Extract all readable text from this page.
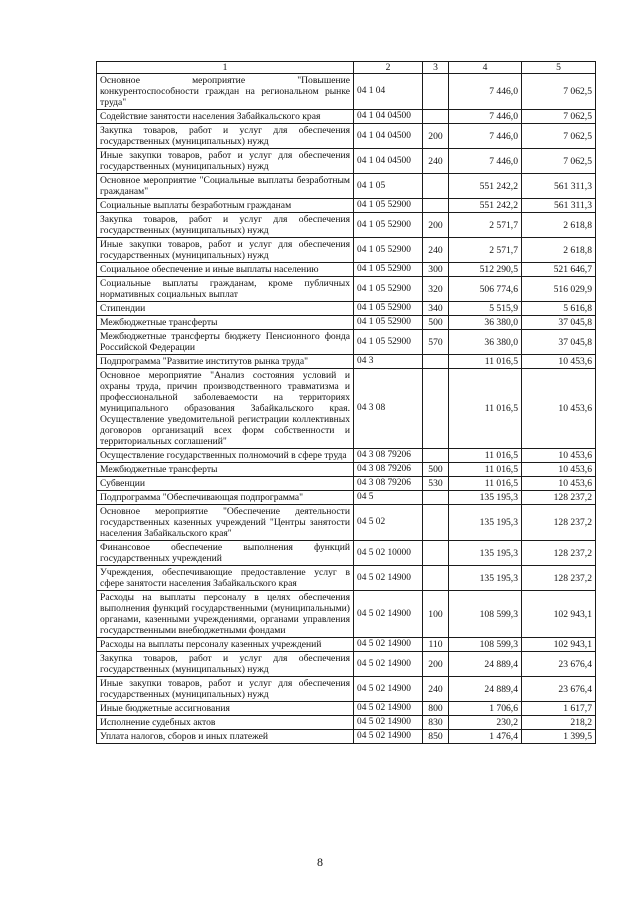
1	2	3	4	5
Основное мероприятие "Повышение конкурентоспособности граждан на региональном рынке труда"	04 1 04		7 446,0	7 062,5
Содействие занятости населения Забайкальского края	04 1 04 04500		7 446,0	7 062,5
Закупка товаров, работ и услуг для обеспечения государственных (муниципальных) нужд	04 1 04 04500	200	7 446,0	7 062,5
Иные закупки товаров, работ и услуг для обеспечения государственных (муниципальных) нужд	04 1 04 04500	240	7 446,0	7 062,5
Основное мероприятие "Социальные выплаты безработным гражданам"	04 1 05		551 242,2	561 311,3
Социальные выплаты безработным гражданам	04 1 05 52900		551 242,2	561 311,3
Закупка товаров, работ и услуг для обеспечения государственных (муниципальных) нужд	04 1 05 52900	200	2 571,7	2 618,8
Иные закупки товаров, работ и услуг для обеспечения государственных (муниципальных) нужд	04 1 05 52900	240	2 571,7	2 618,8
Социальное обеспечение и иные выплаты населению	04 1 05 52900	300	512 290,5	521 646,7
Социальные выплаты гражданам, кроме публичных нормативных социальных выплат	04 1 05 52900	320	506 774,6	516 029,9
Стипендии	04 1 05 52900	340	5 515,9	5 616,8
Межбюджетные трансферты	04 1 05 52900	500	36 380,0	37 045,8
Межбюджетные трансферты бюджету Пенсионного фонда Российской Федерации	04 1 05 52900	570	36 380,0	37 045,8
Подпрограмма "Развитие институтов рынка труда"	04 3		11 016,5	10 453,6
Основное мероприятие "Анализ состояния условий и охраны труда, причин производственного травматизма и профессиональной заболеваемости на территориях муниципального образования Забайкальского края. Осуществление уведомительной регистрации коллективных договоров организаций всех форм собственности и территориальных соглашений"	04 3 08		11 016,5	10 453,6
Осуществление государственных полномочий в сфере труда	04 3 08 79206		11 016,5	10 453,6
Межбюджетные трансферты	04 3 08 79206	500	11 016,5	10 453,6
Субвенции	04 3 08 79206	530	11 016,5	10 453,6
Подпрограмма "Обеспечивающая подпрограмма"	04 5		135 195,3	128 237,2
Основное мероприятие "Обеспечение деятельности государственных казенных учреждений "Центры занятости населения Забайкальского края"	04 5 02		135 195,3	128 237,2
Финансовое обеспечение выполнения функций государственных учреждений	04 5 02 10000		135 195,3	128 237,2
Учреждения, обеспечивающие предоставление услуг в сфере занятости населения Забайкальского края	04 5 02 14900		135 195,3	128 237,2
Расходы на выплаты персоналу в целях обеспечения выполнения функций государственными (муниципальными) органами, казенными учреждениями, органами управления государственными внебюджетными фондами	04 5 02 14900	100	108 599,3	102 943,1
Расходы на выплаты персоналу казенных учреждений	04 5 02 14900	110	108 599,3	102 943,1
Закупка товаров, работ и услуг для обеспечения государственных (муниципальных) нужд	04 5 02 14900	200	24 889,4	23 676,4
Иные закупки товаров, работ и услуг для обеспечения государственных (муниципальных) нужд	04 5 02 14900	240	24 889,4	23 676,4
Иные бюджетные ассигнования	04 5 02 14900	800	1 706,6	1 617,7
Исполнение судебных актов	04 5 02 14900	830	230,2	218,2
Уплата налогов, сборов и иных платежей	04 5 02 14900	850	1 476,4	1 399,5
8
